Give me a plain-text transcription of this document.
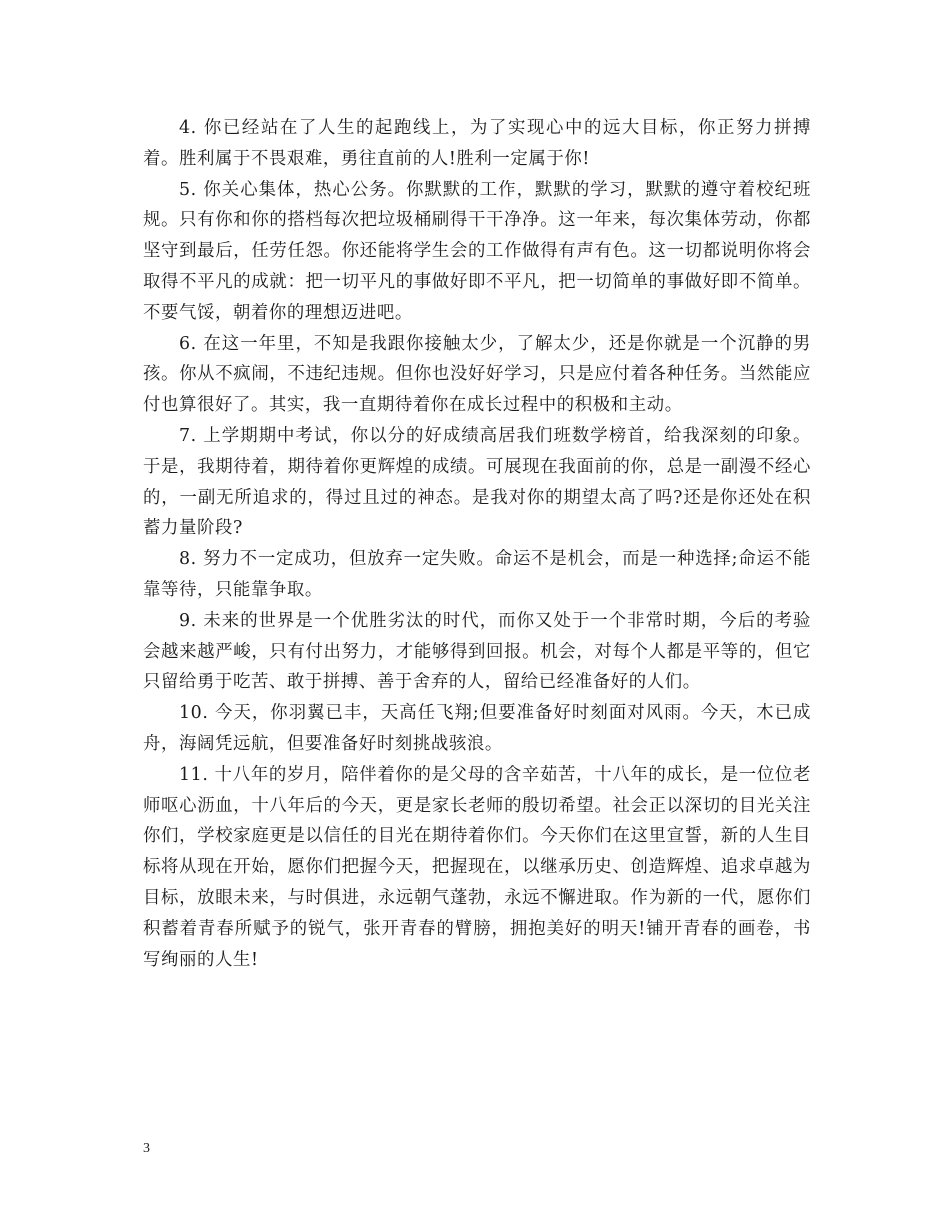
4. 你已经站在了人生的起跑线上，为了实现心中的远大目标，你正努力拼搏着。胜利属于不畏艰难，勇往直前的人!胜利一定属于你!

5. 你关心集体，热心公务。你默默的工作，默默的学习，默默的遵守着校纪班规。只有你和你的搭档每次把垃圾桶刷得干干净净。这一年来，每次集体劳动，你都坚守到最后，任劳任怨。你还能将学生会的工作做得有声有色。这一切都说明你将会取得不平凡的成就：把一切平凡的事做好即不平凡，把一切简单的事做好即不简单。不要气馁，朝着你的理想迈进吧。

6. 在这一年里，不知是我跟你接触太少，了解太少，还是你就是一个沉静的男孩。你从不疯闹，不违纪违规。但你也没好好学习，只是应付着各种任务。当然能应付也算很好了。其实，我一直期待着你在成长过程中的积极和主动。

7. 上学期期中考试，你以分的好成绩高居我们班数学榜首，给我深刻的印象。于是，我期待着，期待着你更辉煌的成绩。可展现在我面前的你，总是一副漫不经心的，一副无所追求的，得过且过的神态。是我对你的期望太高了吗?还是你还处在积蓄力量阶段?

8. 努力不一定成功，但放弃一定失败。命运不是机会，而是一种选择;命运不能靠等待，只能靠争取。

9. 未来的世界是一个优胜劣汰的时代，而你又处于一个非常时期，今后的考验会越来越严峻，只有付出努力，才能够得到回报。机会，对每个人都是平等的，但它只留给勇于吃苦、敢于拼搏、善于舍弃的人，留给已经准备好的人们。

10. 今天，你羽翼已丰，天高任飞翔;但要准备好时刻面对风雨。今天，木已成舟，海阔凭远航，但要准备好时刻挑战骇浪。

11. 十八年的岁月，陪伴着你的是父母的含辛茹苦，十八年的成长，是一位位老师呕心沥血，十八年后的今天，更是家长老师的殷切希望。社会正以深切的目光关注你们，学校家庭更是以信任的目光在期待着你们。今天你们在这里宣誓，新的人生目标将从现在开始，愿你们把握今天，把握现在，以继承历史、创造辉煌、追求卓越为目标，放眼未来，与时俱进，永远朝气蓬勃，永远不懈进取。作为新的一代，愿你们积蓄着青春所赋予的锐气，张开青春的臂膀，拥抱美好的明天!铺开青春的画卷，书写绚丽的人生!

3
